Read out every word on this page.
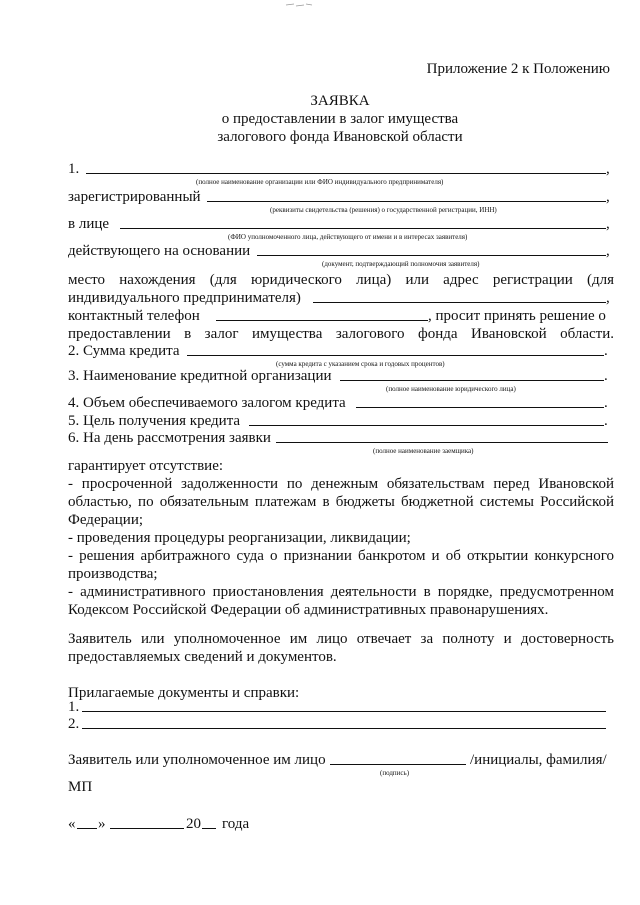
Приложение 2 к Положению
ЗАЯВКА
о предоставлении в залог имущества
залогового фонда Ивановской области
1.	,
(полное наименование организации или ФИО индивидуального предпринимателя)
зарегистрированный	,
(реквизиты свидетельства (решения) о государственной регистрации, ИНН)
в лице	,
(ФИО уполномоченного лица, действующего от имени и в интересах заявителя)
действующего на основании	,
(документ, подтверждающий полномочия заявителя)
место нахождения (для юридического лица) или адрес регистрации (для
индивидуального предпринимателя)	,
контактный телефон	, просит принять решение о
предоставлении в залог имущества залогового фонда Ивановской области.
2. Сумма кредита	.
(сумма кредита с указанием срока и годовых процентов)
3. Наименование кредитной организации	.
(полное наименование юридического лица)
4. Объем обеспечиваемого залогом кредита	.
5. Цель получения кредита	.
6. На день рассмотрения заявки
(полное наименование заемщика)
гарантирует отсутствие:
- просроченной задолженности по денежным обязательствам перед Ивановской
областью, по обязательным платежам в бюджеты бюджетной системы Российской
Федерации;
- проведения процедуры реорганизации, ликвидации;
- решения арбитражного суда о признании банкротом и об открытии конкурсного
производства;
- административного приостановления деятельности в порядке, предусмотренном
Кодексом Российской Федерации об административных правонарушениях.
Заявитель или уполномоченное им лицо отвечает за полноту и достоверность
предоставляемых сведений и документов.
Прилагаемые документы и справки:
1.
2.
Заявитель или уполномоченное им лицо	/инициалы, фамилия/
(подпись)
МП
« »	20 года
